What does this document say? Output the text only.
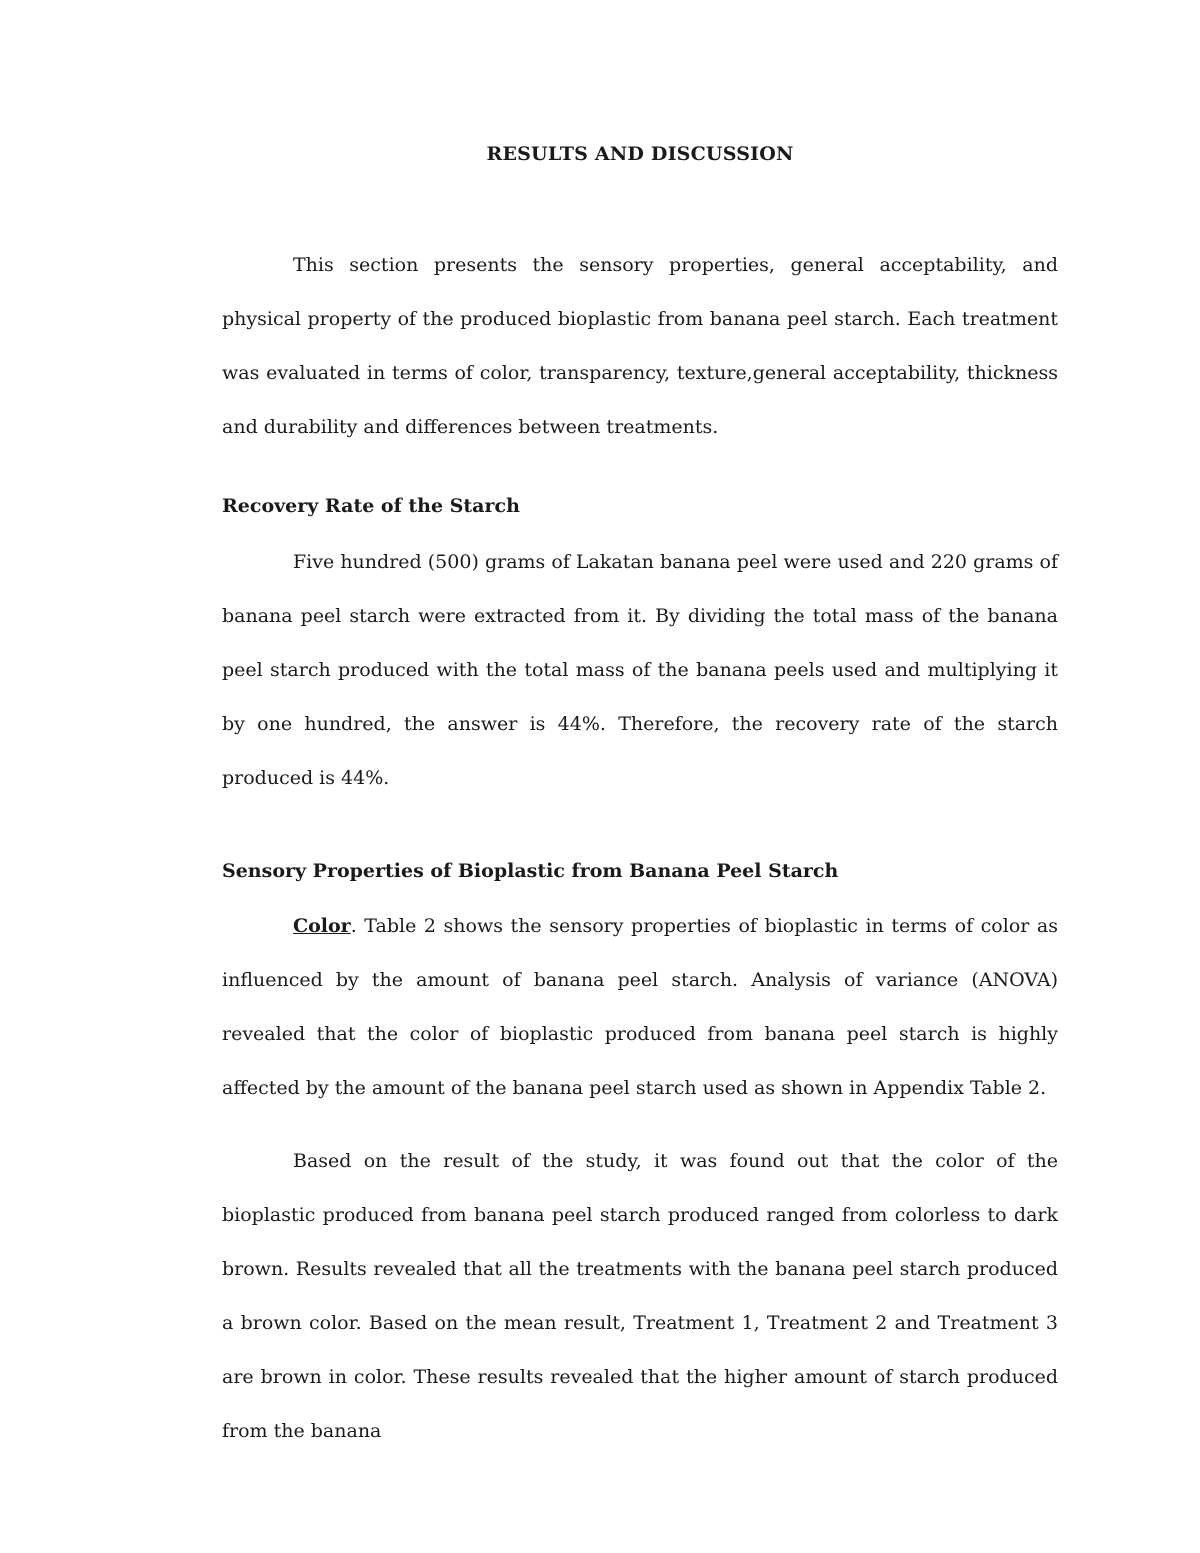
RESULTS AND DISCUSSION

This section presents the sensory properties, general acceptability, and physical property of the produced bioplastic from banana peel starch. Each treatment was evaluated in terms of color, transparency, texture,general acceptability, thickness and durability and differences between treatments.

Recovery Rate of the Starch

Five hundred (500) grams of Lakatan banana peel were used and 220 grams of banana peel starch were extracted from it. By dividing the total mass of the banana peel starch produced with the total mass of the banana peels used and multiplying it by one hundred, the answer is 44%. Therefore, the recovery rate of the starch produced is 44%.

Sensory Properties of Bioplastic from Banana Peel Starch

Color. Table 2 shows the sensory properties of bioplastic in terms of color as influenced by the amount of banana peel starch. Analysis of variance (ANOVA) revealed that the color of bioplastic produced from banana peel starch is highly affected by the amount of the banana peel starch used as shown in Appendix Table 2.

Based on the result of the study, it was found out that the color of the bioplastic produced from banana peel starch produced ranged from colorless to dark brown. Results revealed that all the treatments with the banana peel starch produced a brown color. Based on the mean result, Treatment 1, Treatment 2 and Treatment 3 are brown in color. These results revealed that the higher amount of starch produced from the banana
